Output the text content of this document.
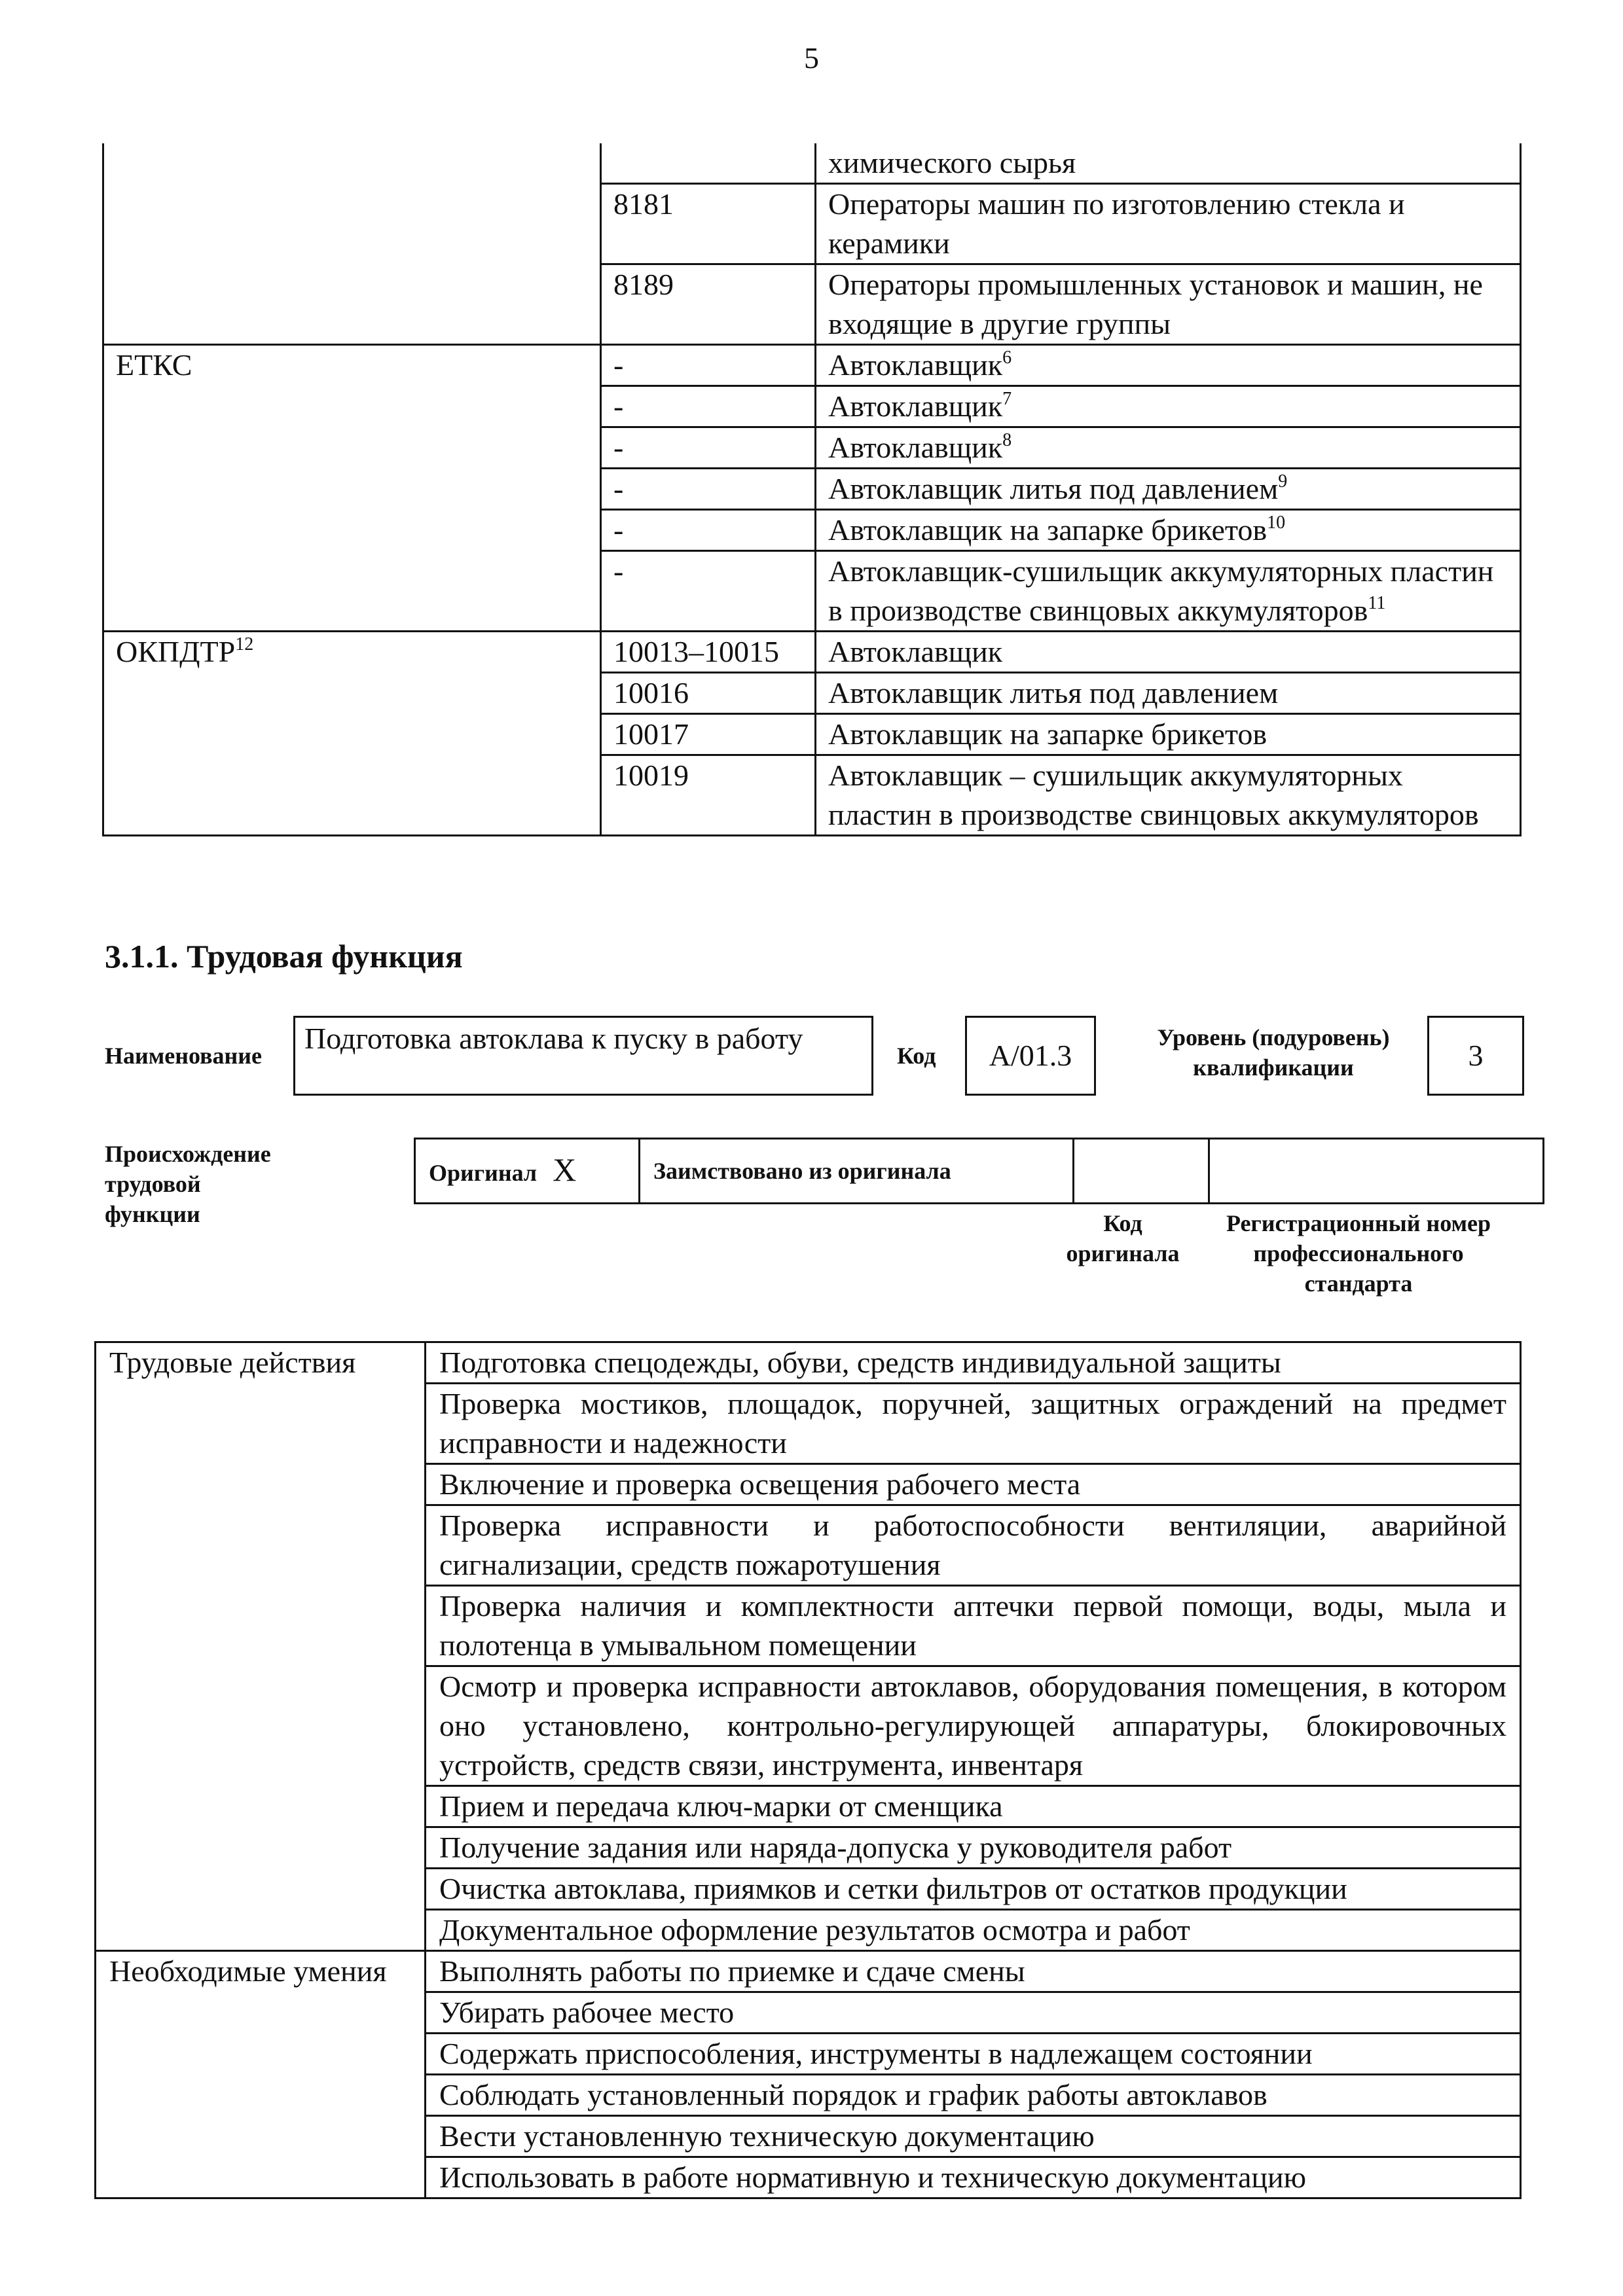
5
		химического сырья
	8181	Операторы машин по изготовлению стекла и керамики
	8189	Операторы промышленных установок и машин, не входящие в другие группы
ЕТКС	-	Автоклавщик$^6$
	-	Автоклавщик$^7$
	-	Автоклавщик$^8$
	-	Автоклавщик литья под давлением$^9$
	-	Автоклавщик на запарке брикетов$^{10}$
	-	Автоклавщик-сушильщик аккумуляторных пластин в производстве свинцовых аккумуляторов$^{11}$
ОКПДТР$^{12}$	10013–10015	Автоклавщик
	10016	Автоклавщик литья под давлением
	10017	Автоклавщик на запарке брикетов
	10019	Автоклавщик – сушильщик аккумуляторных пластин в производстве свинцовых аккумуляторов
3.1.1. Трудовая функция
Наименование
Подготовка автоклава к пуску в работу
Код	А/01.3
Уровень (подуровень) квалификации	3
Происхождение трудовой функции
Оригинал X	Заимствовано из оригинала		
Код оригинала
Регистрационный номер профессионального стандарта
Трудовые действия	Подготовка спецодежды, обуви, средств индивидуальной защиты
	Проверка мостиков, площадок, поручней, защитных ограждений на предмет исправности и надежности
	Включение и проверка освещения рабочего места
	Проверка исправности и работоспособности вентиляции, аварийной сигнализации, средств пожаротушения
	Проверка наличия и комплектности аптечки первой помощи, воды, мыла и полотенца в умывальном помещении
	Осмотр и проверка исправности автоклавов, оборудования помещения, в котором оно установлено, контрольно-регулирующей аппаратуры, блокировочных устройств, средств связи, инструмента, инвентаря
	Прием и передача ключ-марки от сменщика
	Получение задания или наряда-допуска у руководителя работ
	Очистка автоклава, приямков и сетки фильтров от остатков продукции
	Документальное оформление результатов осмотра и работ
Необходимые умения	Выполнять работы по приемке и сдаче смены
	Убирать рабочее место
	Содержать приспособления, инструменты в надлежащем состоянии
	Соблюдать установленный порядок и график работы автоклавов
	Вести установленную техническую документацию
	Использовать в работе нормативную и техническую документацию
